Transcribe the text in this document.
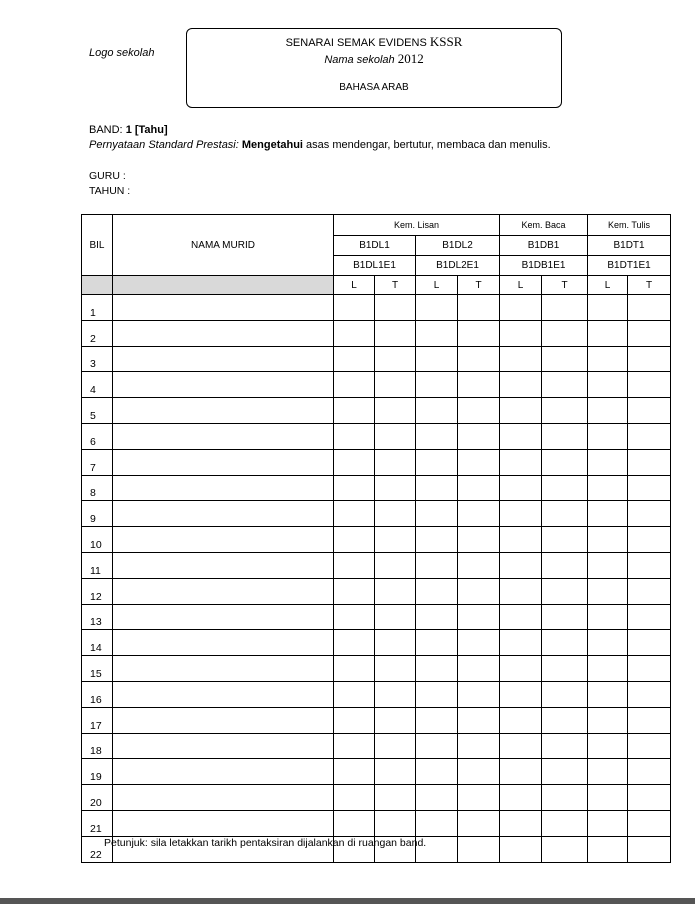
Logo sekolah
SENARAI SEMAK EVIDENS KSSR
Nama sekolah 2012
BAHASA ARAB
BAND: 1 [Tahu]
Pernyataan Standard Prestasi: Mengetahui asas mendengar, bertutur, membaca dan menulis.
GURU :
TAHUN :
BIL	NAMA MURID	Kem. Lisan				Kem. Baca		Kem. Tulis	
		B1DL1		B1DL2		B1DB1		B1DT1	
		B1DL1E1		B1DL2E1		B1DB1E1		B1DT1E1	
		L	T	L	T	L	T	L	T
1									
2									
3									
4									
5									
6									
7									
8									
9									
10									
11									
12									
13									
14									
15									
16									
17									
18									
19									
20									
21									
22									
Petunjuk: sila letakkan tarikh pentaksiran dijalankan di ruangan band.
